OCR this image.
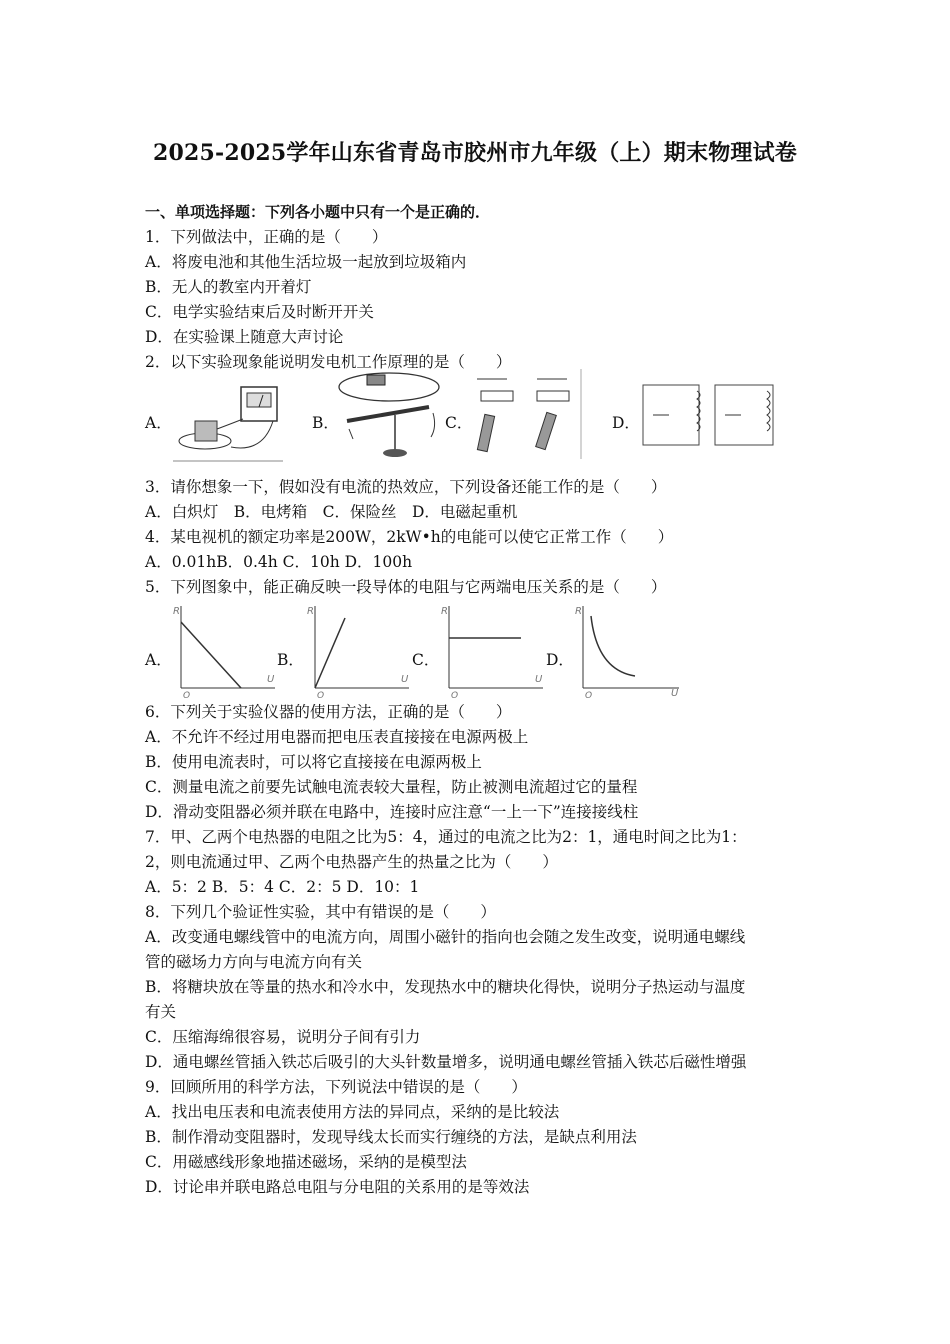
2025-2025学年山东省青岛市胶州市九年级（上）期末物理试卷
一、单项选择题：下列各小题中只有一个是正确的．
1．下列做法中，正确的是（　　）
A．将废电池和其他生活垃圾一起放到垃圾箱内
B．无人的教室内开着灯
C．电学实验结束后及时断开开关
D．在实验课上随意大声讨论
2．以下实验现象能说明发电机工作原理的是（　　）
A．	B．	C．	D．
3．请你想象一下，假如没有电流的热效应，下列设备还能工作的是（　　）
A．白炽灯　B．电烤箱　C．保险丝　D．电磁起重机
4．某电视机的额定功率是200W，2kW•h的电能可以使它正常工作（　　）
A．0.01hB．0.4h C．10h D．100h
5．下列图象中，能正确反映一段导体的电阻与它两端电压关系的是（　　）
A．
R
U
O
B．
R
U
O
C．
R
U
O
D．
R
U
O
6．下列关于实验仪器的使用方法，正确的是（　　）
A．不允许不经过用电器而把电压表直接接在电源两极上
B．使用电流表时，可以将它直接接在电源两极上
C．测量电流之前要先试触电流表较大量程，防止被测电流超过它的量程
D．滑动变阻器必须并联在电路中，连接时应注意“一上一下”连接接线柱
7．甲、乙两个电热器的电阻之比为5：4，通过的电流之比为2：1，通电时间之比为1：
2，则电流通过甲、乙两个电热器产生的热量之比为（　　）
A．5：2 B．5：4 C．2：5 D．10：1
8．下列几个验证性实验，其中有错误的是（　　）
A．改变通电螺线管中的电流方向，周围小磁针的指向也会随之发生改变，说明通电螺线
管的磁场力方向与电流方向有关
B．将糖块放在等量的热水和冷水中，发现热水中的糖块化得快，说明分子热运动与温度
有关
C．压缩海绵很容易，说明分子间有引力
D．通电螺丝管插入铁芯后吸引的大头针数量增多，说明通电螺丝管插入铁芯后磁性增强
9．回顾所用的科学方法，下列说法中错误的是（　　）
A．找出电压表和电流表使用方法的异同点，采纳的是比较法
B．制作滑动变阻器时，发现导线太长而实行缠绕的方法，是缺点利用法
C．用磁感线形象地描述磁场，采纳的是模型法
D．讨论串并联电路总电阻与分电阻的关系用的是等效法
